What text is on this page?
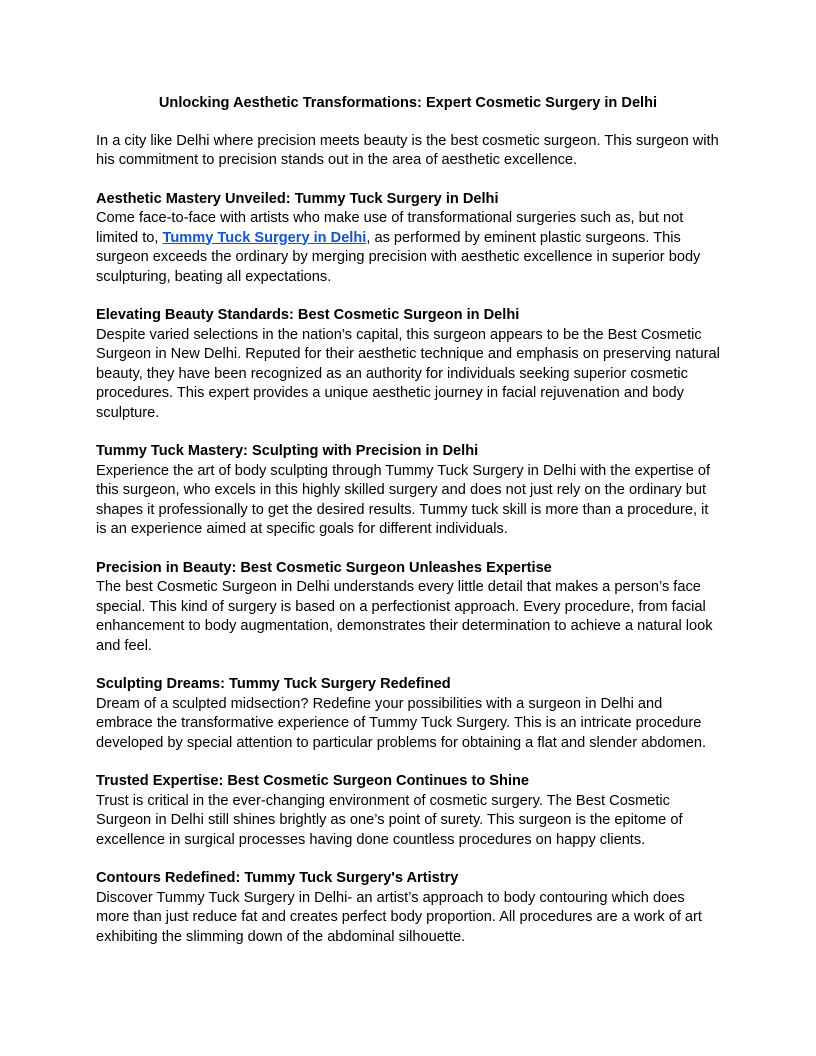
Unlocking Aesthetic Transformations: Expert Cosmetic Surgery in Delhi

In a city like Delhi where precision meets beauty is the best cosmetic surgeon. This surgeon with his commitment to precision stands out in the area of aesthetic excellence.

Aesthetic Mastery Unveiled: Tummy Tuck Surgery in Delhi

Come face-to-face with artists who make use of transformational surgeries such as, but not limited to, Tummy Tuck Surgery in Delhi, as performed by eminent plastic surgeons. This surgeon exceeds the ordinary by merging precision with aesthetic excellence in superior body sculpturing, beating all expectations.

Elevating Beauty Standards: Best Cosmetic Surgeon in Delhi

Despite varied selections in the nation’s capital, this surgeon appears to be the Best Cosmetic Surgeon in New Delhi. Reputed for their aesthetic technique and emphasis on preserving natural beauty, they have been recognized as an authority for individuals seeking superior cosmetic procedures. This expert provides a unique aesthetic journey in facial rejuvenation and body sculpture.

Tummy Tuck Mastery: Sculpting with Precision in Delhi

Experience the art of body sculpting through Tummy Tuck Surgery in Delhi with the expertise of this surgeon, who excels in this highly skilled surgery and does not just rely on the ordinary but shapes it professionally to get the desired results. Tummy tuck skill is more than a procedure, it is an experience aimed at specific goals for different individuals.

Precision in Beauty: Best Cosmetic Surgeon Unleashes Expertise

The best Cosmetic Surgeon in Delhi understands every little detail that makes a person’s face special. This kind of surgery is based on a perfectionist approach. Every procedure, from facial enhancement to body augmentation, demonstrates their determination to achieve a natural look and feel.

Sculpting Dreams: Tummy Tuck Surgery Redefined

Dream of a sculpted midsection? Redefine your possibilities with a surgeon in Delhi and embrace the transformative experience of Tummy Tuck Surgery. This is an intricate procedure developed by special attention to particular problems for obtaining a flat and slender abdomen.

Trusted Expertise: Best Cosmetic Surgeon Continues to Shine

Trust is critical in the ever-changing environment of cosmetic surgery. The Best Cosmetic Surgeon in Delhi still shines brightly as one’s point of surety. This surgeon is the epitome of excellence in surgical processes having done countless procedures on happy clients.

Contours Redefined: Tummy Tuck Surgery's Artistry

Discover Tummy Tuck Surgery in Delhi- an artist’s approach to body contouring which does more than just reduce fat and creates perfect body proportion. All procedures are a work of art exhibiting the slimming down of the abdominal silhouette.
